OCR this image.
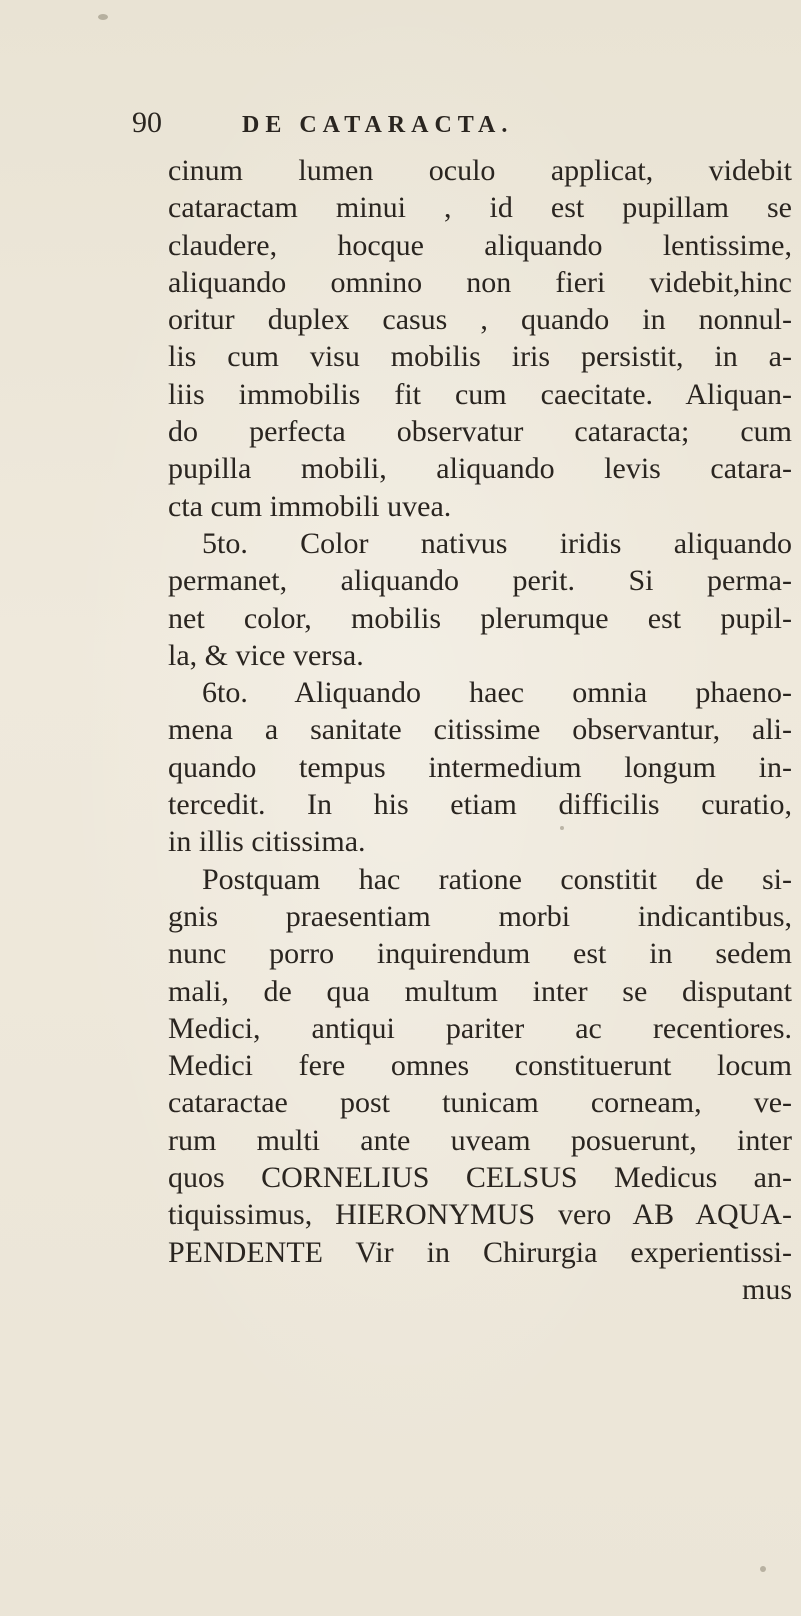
90	DE CATARACTA.
cinum lumen oculo applicat, videbit
cataractam minui , id est pupillam se
claudere, hocque aliquando lentissime,
aliquando omnino non fieri videbit,hinc
oritur duplex casus , quando in nonnul-
lis cum visu mobilis iris persistit, in a-
liis immobilis fit cum caecitate. Aliquan-
do perfecta observatur cataracta; cum
pupilla mobili, aliquando levis catara-
cta cum immobili uvea.
5to. Color nativus iridis aliquando
permanet, aliquando perit. Si perma-
net color, mobilis plerumque est pupil-
la, & vice versa.
6to. Aliquando haec omnia phaeno-
mena a sanitate citissime observantur, ali-
quando tempus intermedium longum in-
tercedit. In his etiam difficilis curatio,
in illis citissima.
Postquam hac ratione constitit de si-
gnis praesentiam morbi indicantibus,
nunc porro inquirendum est in sedem
mali, de qua multum inter se disputant
Medici, antiqui pariter ac recentiores.
Medici fere omnes constituerunt locum
cataractae post tunicam corneam, ve-
rum multi ante uveam posuerunt, inter
quos CORNELIUS CELSUS Medicus an-
tiquissimus, HIERONYMUS vero AB AQUA-
PENDENTE Vir in Chirurgia experientissi-
mus
